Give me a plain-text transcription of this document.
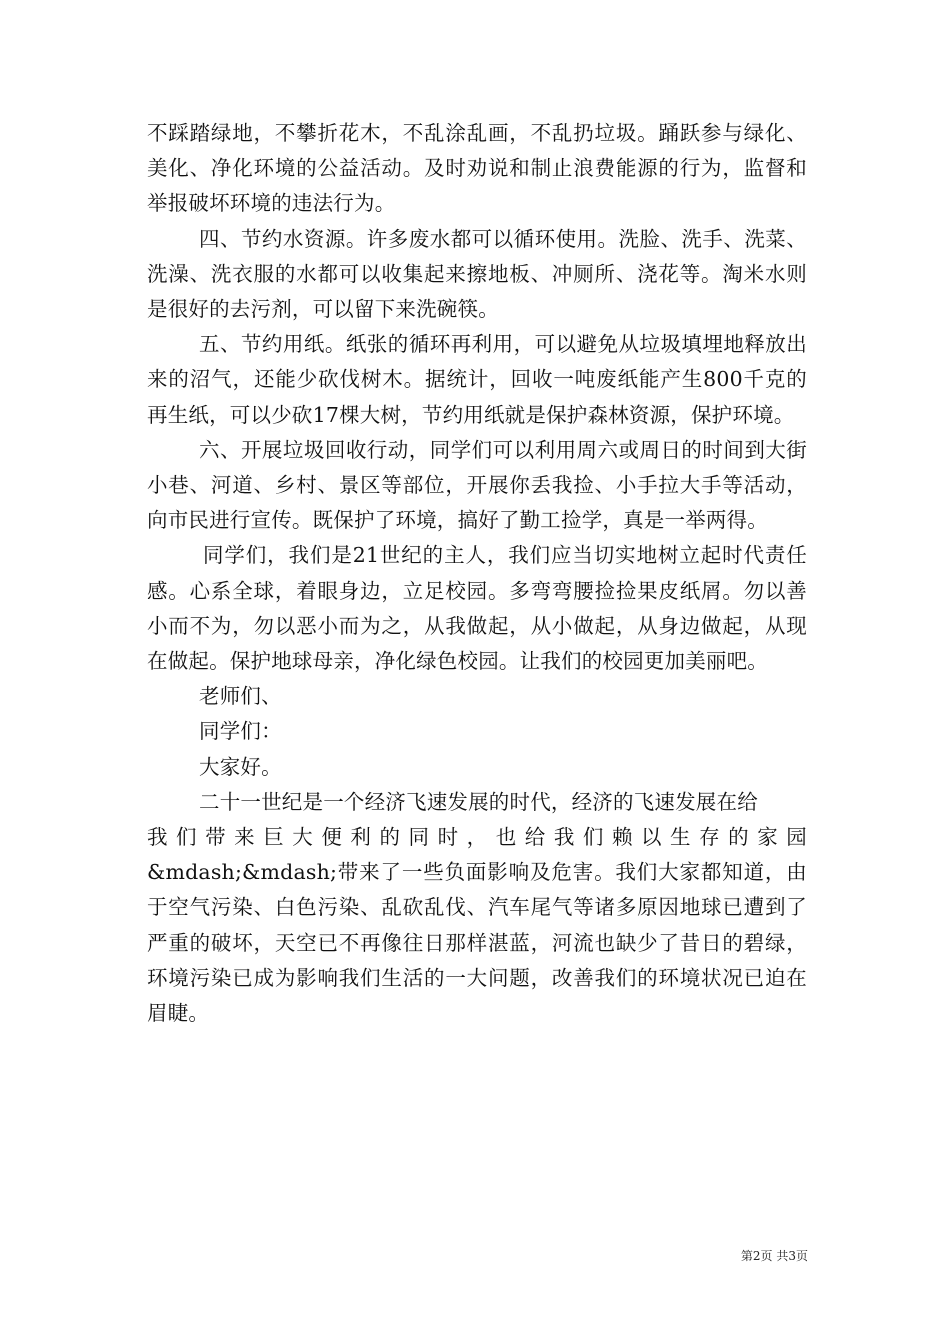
不踩踏绿地，不攀折花木，不乱涂乱画，不乱扔垃圾。踊跃参与绿化、美化、净化环境的公益活动。及时劝说和制止浪费能源的行为，监督和举报破坏环境的违法行为。

四、节约水资源。许多废水都可以循环使用。洗脸、洗手、洗菜、洗澡、洗衣服的水都可以收集起来擦地板、冲厕所、浇花等。淘米水则是很好的去污剂，可以留下来洗碗筷。

五、节约用纸。纸张的循环再利用，可以避免从垃圾填埋地释放出来的沼气，还能少砍伐树木。据统计，回收一吨废纸能产生800千克的再生纸，可以少砍17棵大树，节约用纸就是保护森林资源，保护环境。

六、开展垃圾回收行动，同学们可以利用周六或周日的时间到大街小巷、河道、乡村、景区等部位，开展你丢我捡、小手拉大手等活动，向市民进行宣传。既保护了环境，搞好了勤工捡学，真是一举两得。

同学们，我们是21世纪的主人，我们应当切实地树立起时代责任感。心系全球，着眼身边，立足校园。多弯弯腰捡捡果皮纸屑。勿以善小而不为，勿以恶小而为之，从我做起，从小做起，从身边做起，从现在做起。保护地球母亲，净化绿色校园。让我们的校园更加美丽吧。

老师们、

同学们：

大家好。

二十一世纪是一个经济飞速发展的时代，经济的飞速发展在给

我们带来巨大便利的同时，也给我们赖以生存的家园

&mdash;&mdash;带来了一些负面影响及危害。我们大家都知道，由于空气污染、白色污染、乱砍乱伐、汽车尾气等诸多原因地球已遭到了严重的破坏，天空已不再像往日那样湛蓝，河流也缺少了昔日的碧绿，环境污染已成为影响我们生活的一大问题，改善我们的环境状况已迫在眉睫。

第2页 共3页
